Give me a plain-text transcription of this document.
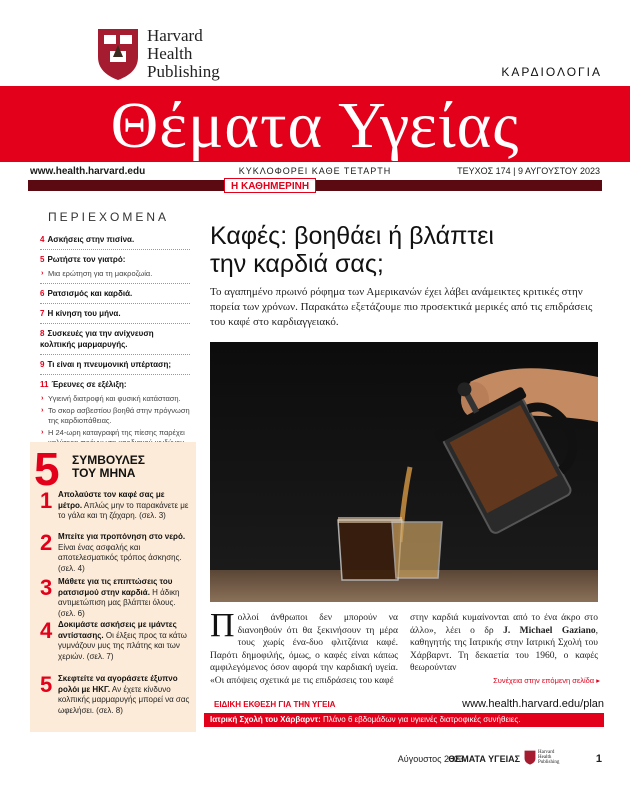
Harvard
Health
Publishing	ΚΑΡΔΙΟΛΟΓΙΑ
Θέματα Υγείας
www.health.harvard.edu	ΚΥΚΛΟΦΟΡΕΙ ΚΑΘΕ ΤΕΤΑΡΤΗ	ΤΕΥΧΟΣ 174 | 9 ΑΥΓΟΥΣΤΟΥ 2023
Η ΚΑΘΗΜΕΡΙΝΗ
ΠΕΡΙΕΧΟΜΕΝΑ
4 Ασκήσεις στην πισίνα.
5 Ρωτήστε τον γιατρό:
› Μια ερώτηση για τη μακροζωία.
6 Ρατσισμός και καρδιά.
7 Η κίνηση του μήνα.
8 Συσκευές για την ανίχνευση κολπικής μαρμαρυγής.
9 Τι είναι η πνευμονική υπέρταση;
11 Έρευνες σε εξέλιξη:
› Υγιεινή διατροφή και φυσική κατάσταση.
› Το σκορ ασβεστίου βοηθά στην πρόγνωση της καρδιοπάθειας.
› Η 24-ωρη καταγραφή της πίεσης παρέχει
5 ΣΥΜΒΟΥΛΕΣ
ΤΟΥ ΜΗΝΑ
1 Απολαύστε τον καφέ σας με μέτρο. Απλώς μην το παρακάνετε με το γάλα και τη ζάχαρη. (σελ. 3)
2 Μπείτε για προπόνηση στο νερό. Είναι ένας ασφαλής και αποτελεσματικός τρόπος άσκησης. (σελ. 4)
3 Μάθετε για τις επιπτώσεις του ρατσισμού στην καρδιά. Η άδικη αντιμετώπιση μας βλάπτει όλους. (σελ. 6)
4 Δοκιμάστε ασκήσεις με ιμάντες αντίστασης. Οι έλξεις προς τα κάτω γυμνάζουν μυς της πλάτης και των χεριών. (σελ. 7)
5 Σκεφτείτε να αγοράσετε έξυπνο ρολόι με ΗΚΓ. Αν έχετε κίνδυνο κολπικής μαρμαρυγής μπορεί να σας ωφελήσει. (σελ. 8)
Καφές: βοηθάει ή βλάπτει
την καρδιά σας;
Το αγαπημένο πρωινό ρόφημα των Αμερικανών έχει λάβει ανάμεικτες κριτικές στην πορεία των χρόνων. Παρακάτω εξετάζουμε πιο προσεκτικά μερικές από τις επιδράσεις του καφέ στο καρδιαγγειακό.
Πολλοί άνθρωποι δεν μπορούν να διανοηθούν ότι θα ξεκινήσουν τη μέρα τους χωρίς ένα-δυο φλιτζάνια καφέ. Παρότι δημοφιλής, όμως, ο καφές είναι κάπως αμφιλεγόμενος όσον αφορά την καρδιακή υγεία. «Οι απόψεις σχετικά με τις επιδράσεις του καφέ
στην καρδιά κυμαίνονται από το ένα άκρο στο άλλο», λέει ο δρ J. Michael Gaziano, καθηγητής της Ιατρικής στην Ιατρική Σχολή του Χάρβαρντ. Τη δεκαετία του 1960, ο καφές θεωρούνταν
Συνέχεια στην επόμενη σελίδα ▸
ΕΙΔΙΚΗ ΕΚΘΕΣΗ ΓΙΑ ΤΗΝ ΥΓΕΙΑ	www.health.harvard.edu/plan
Ιατρική Σχολή του Χάρβαρντ: Πλάνο 6 εβδομάδων για υγιεινές διατροφικές συνήθειες.
Αύγουστος 2023
ΘΕΜΑΤΑ ΥΓΕΙΑΣ
Harvard Health Publishing	1
